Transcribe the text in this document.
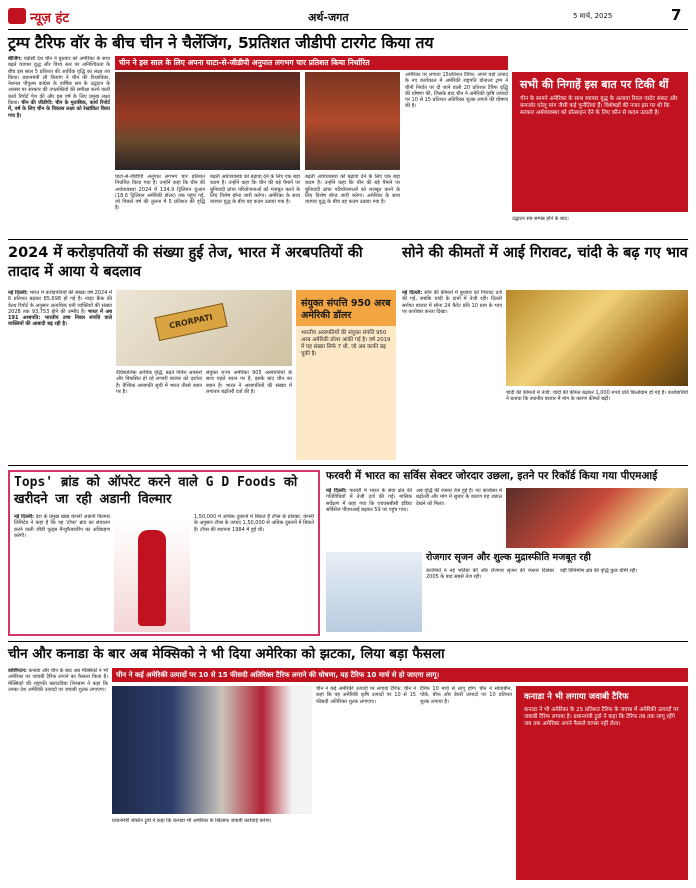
न्यूज़ हंट	अर्थ-जगत	5 मार्च, 2025	7
ट्रम्प टैरिफ वॉर के बीच चीन ने चैलेंजिंग, 5प्रतिशत जीडीपी टारगेट किया तय
बीजिंग: पड़ोसी देश चीन ने बुधवार को अमेरिका के साथ बढ़ते व्यापार युद्ध और विश्व स्तर पर अनिश्चितता के बीच इस साल 5 प्रतिशत की आर्थिक वृद्धि का लक्ष्य तय किया। प्रधानमंत्री ली कियांग ने चीन की विधायिका, नेशनल पीपुल्स कांग्रेस के वार्षिक सत्र के उद्घाटन के अवसर पर सरकार की उपलब्धियों की समीक्षा करने वाली कार्य रिपोर्ट पेश की और इस वर्ष के लिए प्रमुख लक्ष्य किया। चीन की जीडीपी: चीन के मुताबिक, कार्य रिपोर्ट में, वर्ष के लिए चीन के विकास लक्ष्य को रेखांकित किया गया है।
चीन ने इस साल के लिए अपना घाटा-से-जीडीपी अनुपात लगभग चार प्रतिशत किया निर्धारित
घाटा-से-जीडीपी अनुपात लगभग चार प्रतिशत निर्धारित किया गया है। उन्होंने कहा कि चीन की अर्थव्यवस्था 2024 में 134.9 ट्रिलियन युआन (18.6 ट्रिलियन अमेरिकी डॉलर) तक पहुंच गई, जो पिछले वर्ष की तुलना में 5 प्रतिशत की वृद्धि है।
बढ़ती अर्थव्यवस्था को बढ़ावा देने के लिए एक बड़ा कदम है। उन्होंने कहा कि चीन की बड़े पैमाने पर बुनियादी ढांचा परियोजनाओं को मजबूत करने के लिए विशेष बॉन्ड जारी करेगा। अमेरिका के साथ व्यापार युद्ध के बीच यह कदम उठाया गया है।
अमेरिका पर लगाया 15प्रतिशत टैरिफ: अपने यहां उत्पाद के नए कार्यकाल में अमेरिकी राष्ट्रपति डोनाल्ड ट्रम्प ने चीनी निर्यात पर दी जाने वाली 20 प्रतिशत टैरिफ वृद्धि की घोषणा की, जिसके बाद चीन ने अमेरिकी कृषि उत्पादों पर 10 से 15 प्रतिशत अतिरिक्त शुल्क लगाने की घोषणा की है।
बढ़ती अर्थव्यवस्था को बढ़ावा देने के लिए एक बड़ा कदम है। उन्होंने कहा कि चीन की बड़े पैमाने पर बुनियादी ढांचा परियोजनाओं को मजबूत करने के लिए विशेष बॉन्ड जारी करेगा। अमेरिका के साथ व्यापार युद्ध के बीच यह कदम उठाया गया है।
सभी की निगाहें इस बात पर टिकी थीं
चीन के सामने अमेरिका के साथ व्यापार युद्ध के अलावा रियल एस्टेट संकट और कमजोर घरेलू मांग जैसी कई चुनौतियां हैं। विशेषज्ञों की नजर इस पर थी कि सरकार अर्थव्यवस्था को प्रोत्साहन देने के लिए कौन से कदम उठाती है।
उद्घाटन सत्र सम्पन्न होने के बाद।
2024 में करोड़पतियों की संख्या हुई तेज, भारत में अरबपतियों की तादाद में आया ये बदलाव
नई दिल्ली: भारत में करोड़पतियों की संख्या वर्ष 2024 में 6 प्रतिशत बढ़कर 85,698 हो गई है। नाइट फ्रैंक की वेल्थ रिपोर्ट के अनुसार अत्यधिक धनी व्यक्तियों की संख्या 2028 तक 93,753 होने की उम्मीद है। भारत में अब 191 अरबपति: भारतीय उच्च निवल संपत्ति वाले व्यक्तियों की आबादी बढ़ रही है।	CRORPATI
दीर्घकालिक आर्थिक वृद्धि, बढ़ते निवेश अवसरों और विकसित हो रहे लग्जरी बाजार को दर्शाता है। वैश्विक अरबपति सूची में भारत तीसरे स्थान पर है।
संयुक्त राज्य अमेरिका 905 अरबपतियों के साथ पहले स्थान पर है, इसके बाद चीन का स्थान है। भारत ने अरबपतियों की संख्या में लगातार बढ़ोतरी दर्ज की है।
संयुक्त संपत्ति 950 अरब अमेरिकी डॉलर
भारतीय अरबपतियों की संयुक्त संपत्ति 950 अरब अमेरिकी डॉलर आंकी गई है। वर्ष 2019 में यह संख्या सिर्फ 7 थी, जो अब काफी बढ़ चुकी है।
सोने की कीमतों में आई गिरावट, चांदी के बढ़ गए भाव
नई दिल्ली: सोने की कीमतों में बुधवार को गिरावट दर्ज की गई, जबकि चांदी के दामों में तेजी रही। दिल्ली सर्राफा बाजार में सोना 24 कैरेट प्रति 10 ग्राम के भाव पर कारोबार करता दिखा।
चांदी की कीमतों में तेजी: चांदी की कीमत बढ़कर 1,000 रुपये प्रति किलोग्राम हो गई है। कारोबारियों ने बताया कि स्थानीय बाजार में मांग के कारण कीमतें बढ़ीं।
Tops' ब्रांड को ऑपरेट करने वाले G D Foods को खरीदने जा रही अडानी विल्मार
नई दिल्ली: देश के प्रमुख खाद्य कंपनी अडानी विल्मार लिमिटेड ने कहा है कि वह 'टॉप्स' ब्रांड का संचालन करने वाली जीडी फूड्स मैन्युफैक्चरिंग का अधिग्रहण करेगी।
1,50,000 में अधिक दुकानों में बिकते हैं टॉप्स के प्रोडक्ट: कंपनी के अनुसार टॉप्स के उत्पाद 1,50,000 से अधिक दुकानों में बिकते हैं। टॉप्स की स्थापना 1984 में हुई थी।
फरवरी में भारत का सर्विस सेक्टर जोरदार उछला, इतने पर रिकॉर्ड किया गया पीएमआई
नई दिल्ली: फरवरी में भारत के सेवा क्षेत्र की गतिविधियों में तेजी दर्ज की गई। मासिक सर्वेक्षण में कहा गया कि एचएसबीसी इंडिया सर्विसेज पीएमआई बढ़कर 59 पर पहुंच गया।
अब वृद्धि की रफ्तार तेज हुई है। नए कारोबार में बढ़ोतरी और मांग में सुधार के कारण यह उछाल देखने को मिला।
रोजगार सृजन और शुल्क मुद्रास्फीति मजबूत रही
कंपनियों ने नई भर्तियां कीं और रोजगार सृजन की रफ्तार दिसंबर 2005 के बाद सबसे तेज रही।
वहीं विनिर्माण क्षेत्र की वृद्धि कुछ धीमी रही।
चीन और कनाडा के बार अब मेक्सिको ने भी दिया अमेरिका को झटका, लिया बड़ा फैसला
वाशिंगटन: कनाडा और चीन के बाद अब मेक्सिको ने भी अमेरिका पर जवाबी टैरिफ लगाने का फैसला किया है। मेक्सिको की राष्ट्रपति क्लाउडिया शिनबाम ने कहा कि उनका देश अमेरिकी उत्पादों पर जवाबी शुल्क लगाएगा।
चीन ने कई अमेरिकी उत्पादों पर 10 से 15 फीसदी अतिरिक्त टैरिफ लगाने की घोषणा, यह टैरिफ 10 मार्च से हो जाएगा लागू।
प्रधानमंत्री जस्टिन ट्रूडो ने कहा कि कनाडा भी अमेरिका के खिलाफ जवाबी कार्रवाई करेगा।
चीन ने कई अमेरिकी उत्पादों पर लगाया टैरिफ: चीन ने कहा कि वह अमेरिकी कृषि उत्पादों पर 10 से 15 फीसदी अतिरिक्त शुल्क लगाएगा।
टैरिफ 10 मार्च से लागू होंगे। चीन ने सोयाबीन, पोर्क, बीफ और डेयरी उत्पादों पर 10 प्रतिशत शुल्क लगाया है।	कनाडा ने भी लगाया जवाबी टैरिफ
कनाडा ने भी अमेरिका के 25 प्रतिशत टैरिफ के जवाब में अमेरिकी उत्पादों पर जवाबी टैरिफ लगाया है। प्रधानमंत्री ट्रूडो ने कहा कि टैरिफ तब तक लागू रहेंगे जब तक अमेरिका अपने फैसले वापस नहीं लेता।
